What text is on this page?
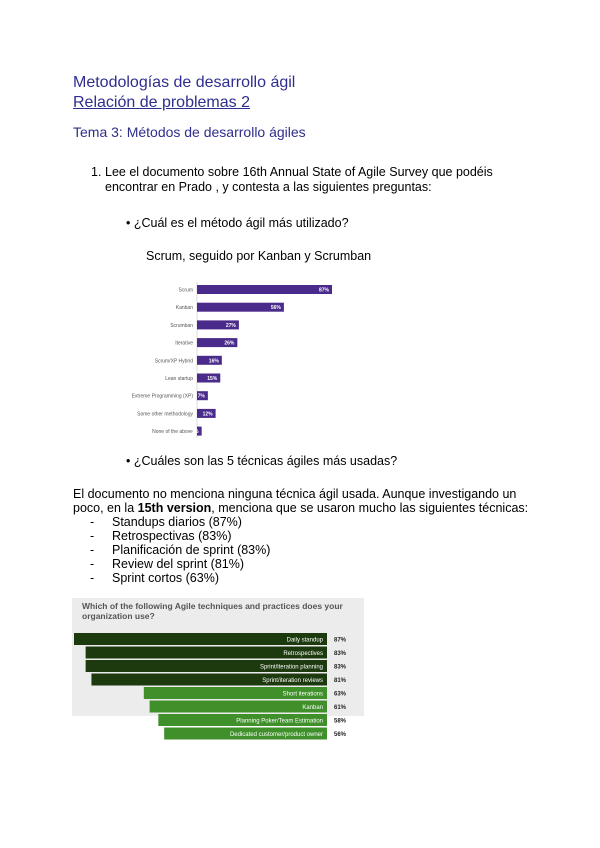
Metodologías de desarrollo ágil
Relación de problemas 2
Tema 3: Métodos de desarrollo ágiles
1. Lee el documento sobre 16th Annual State of Agile Survey que podéis encontrar en Prado , y contesta a las siguientes preguntas:
• ¿Cuál es el método ágil más utilizado?
Scrum, seguido por Kanban y Scrumban
Scrum	87%
Kanban	56%
Scrumban	27%
Iterative	26%
Scrum/XP Hybrid	16%
Lean startup	15%
Extreme Programming (XP) 7%
Some other methodology 12%
None of the above
3%
• ¿Cuáles son las 5 técnicas ágiles más usadas?
El documento no menciona ninguna técnica ágil usada. Aunque investigando un poco, en la 15th version, menciona que se usaron mucho las siguientes técnicas:
- Standups diarios (87%)
- Retrospectivas (83%)
- Planificación de sprint (83%)
- Review del sprint (81%)
- Sprint cortos (63%)
Which of the following Agile techniques and practices does your organization use?
Daily standup 87%
Retrospectives 83%
Sprint/iteration planning 83%
Sprint/iteration reviews 81%
Short iterations 63%
Kanban 61%
Planning Poker/Team Estimation 58%
Dedicated customer/product owner 56%
